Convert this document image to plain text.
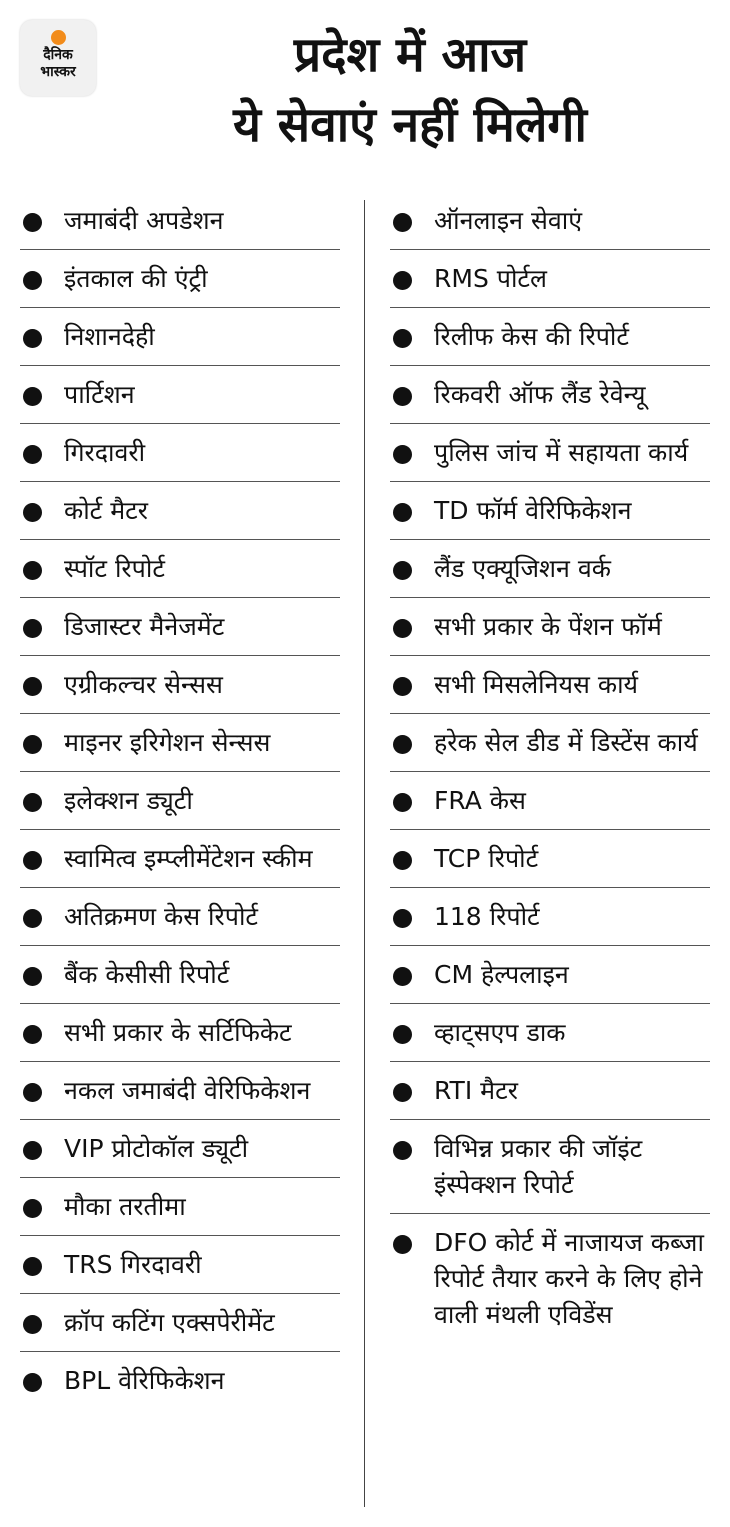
दैनिक
भास्कर	प्रदेश में आज
ये सेवाएं नहीं मिलेगी
जमाबंदी अपडेशन
इंतकाल की एंट्री
निशानदेही
पार्टिशन
गिरदावरी
कोर्ट मैटर
स्पॉट रिपोर्ट
डिजास्टर मैनेजमेंट
एग्रीकल्चर सेन्सस
माइनर इरिगेशन सेन्सस
इलेक्शन ड्यूटी
स्वामित्व इम्प्लीमेंटेशन स्कीम
अतिक्रमण केस रिपोर्ट
बैंक केसीसी रिपोर्ट
सभी प्रकार के सर्टिफिकेट
नकल जमाबंदी वेरिफिकेशन
VIP प्रोटोकॉल ड्यूटी
मौका तरतीमा
TRS गिरदावरी
क्रॉप कटिंग एक्सपेरीमेंट
BPL वेरिफिकेशन
ऑनलाइन सेवाएं
RMS पोर्टल
रिलीफ केस की रिपोर्ट
रिकवरी ऑफ लैंड रेवेन्यू
पुलिस जांच में सहायता कार्य
TD फॉर्म वेरिफिकेशन
लैंड एक्यूजिशन वर्क
सभी प्रकार के पेंशन फॉर्म
सभी मिसलेनियस कार्य
हरेक सेल डीड में डिस्टेंस कार्य
FRA केस
TCP रिपोर्ट
118 रिपोर्ट
CM हेल्पलाइन
व्हाट्सएप डाक
RTI मैटर
विभिन्न प्रकार की जॉइंट इंस्पेक्शन रिपोर्ट
DFO कोर्ट में नाजायज कब्जा रिपोर्ट तैयार करने के लिए होने वाली मंथली एविडेंस
